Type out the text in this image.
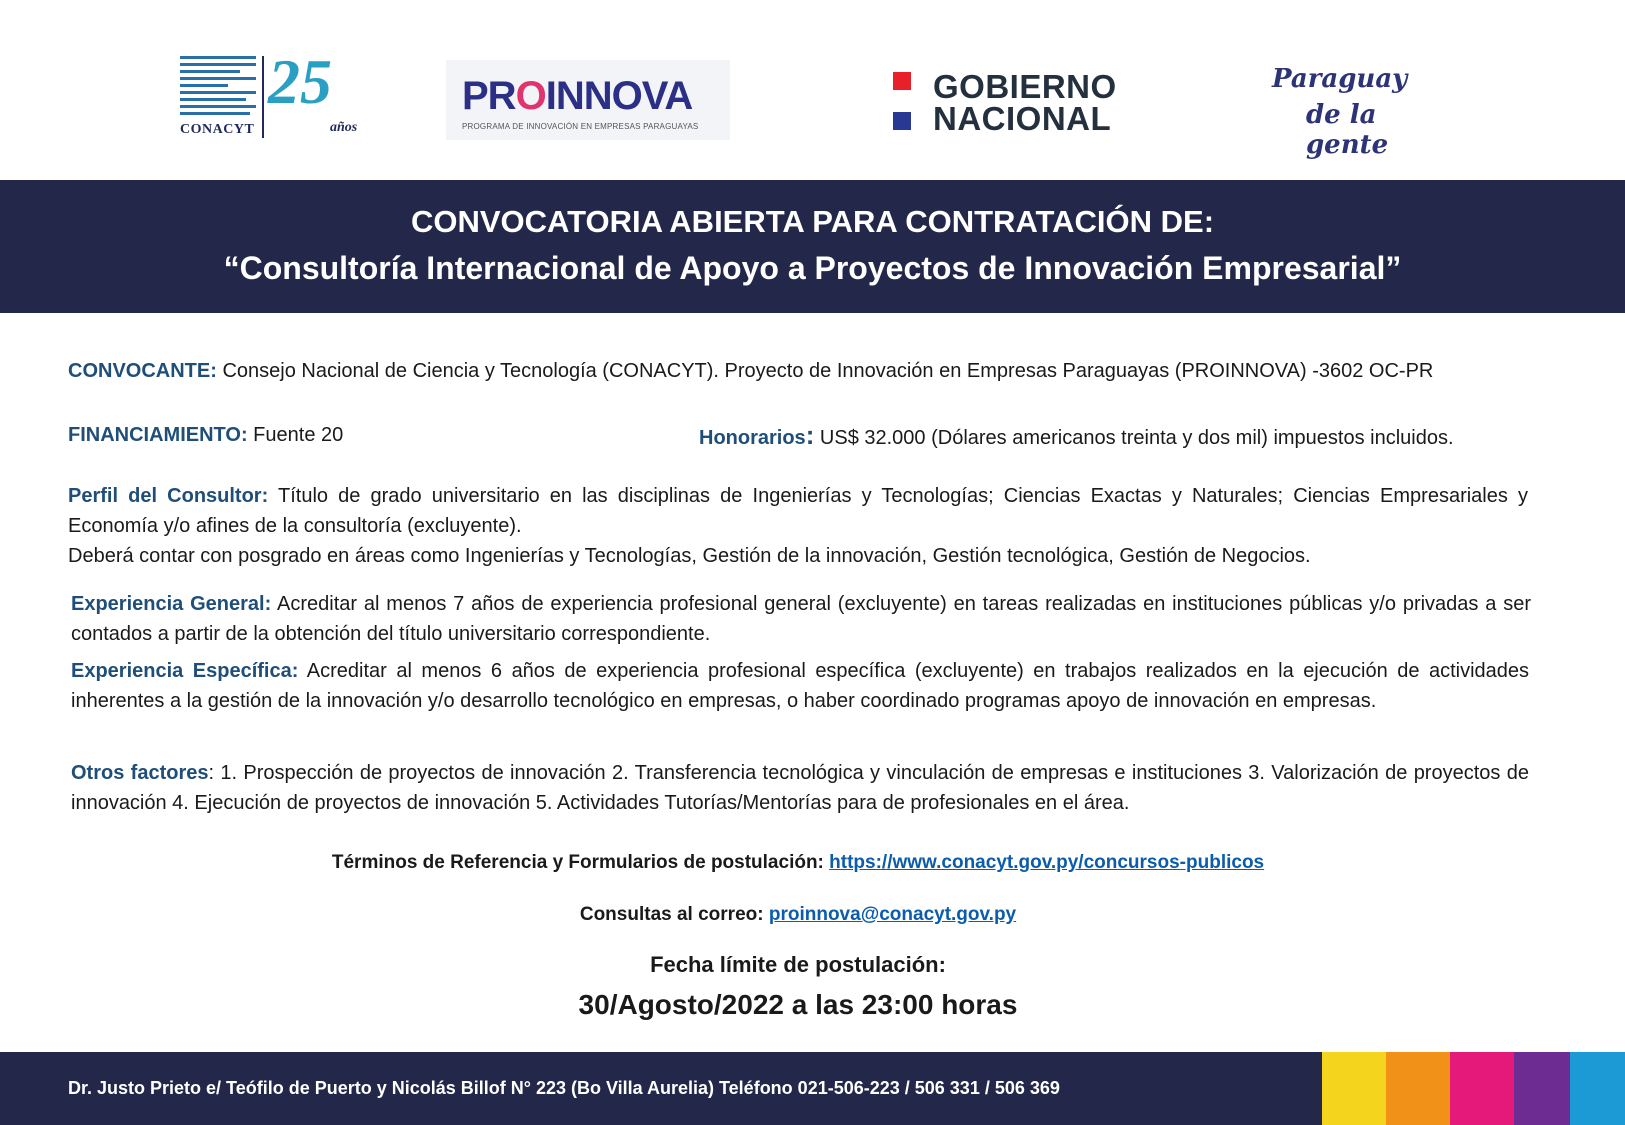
CONACYT
25
años
PROINNOVA
PROGRAMA DE INNOVACIÓN EN EMPRESAS PARAGUAYAS
GOBIERNO
NACIONAL
Paraguay
de la gente
CONVOCATORIA ABIERTA PARA CONTRATACIÓN DE:
“Consultoría Internacional de Apoyo a Proyectos de Innovación Empresarial”
CONVOCANTE: Consejo Nacional de Ciencia y Tecnología (CONACYT). Proyecto de Innovación en Empresas Paraguayas (PROINNOVA) -3602 OC-PR
FINANCIAMIENTO: Fuente 20	Honorarios: US$ 32.000 (Dólares americanos treinta y dos mil) impuestos incluidos.
Perfil del Consultor: Título de grado universitario en las disciplinas de Ingenierías y Tecnologías; Ciencias Exactas y Naturales; Ciencias Empresariales y Economía y/o afines de la consultoría (excluyente).
Deberá contar con posgrado en áreas como Ingenierías y Tecnologías, Gestión de la innovación, Gestión tecnológica, Gestión de Negocios.
Experiencia General: Acreditar al menos 7 años de experiencia profesional general (excluyente) en tareas realizadas en instituciones públicas y/o privadas a ser contados a partir de la obtención del título universitario correspondiente.
Experiencia Específica: Acreditar al menos 6 años de experiencia profesional específica (excluyente) en trabajos realizados en la ejecución de actividades inherentes a la gestión de la innovación y/o desarrollo tecnológico en empresas, o haber coordinado programas apoyo de innovación en empresas.
Otros factores: 1. Prospección de proyectos de innovación 2. Transferencia tecnológica y vinculación de empresas e instituciones 3. Valorización de proyectos de innovación 4. Ejecución de proyectos de innovación 5. Actividades Tutorías/Mentorías para de profesionales en el área.
Términos de Referencia y Formularios de postulación: https://www.conacyt.gov.py/concursos-publicos
Consultas al correo: proinnova@conacyt.gov.py
Fecha límite de postulación:
30/Agosto/2022 a las 23:00 horas
Dr. Justo Prieto e/ Teófilo de Puerto y Nicolás Billof N° 223 (Bo Villa Aurelia) Teléfono 021-506-223 / 506 331 / 506 369
